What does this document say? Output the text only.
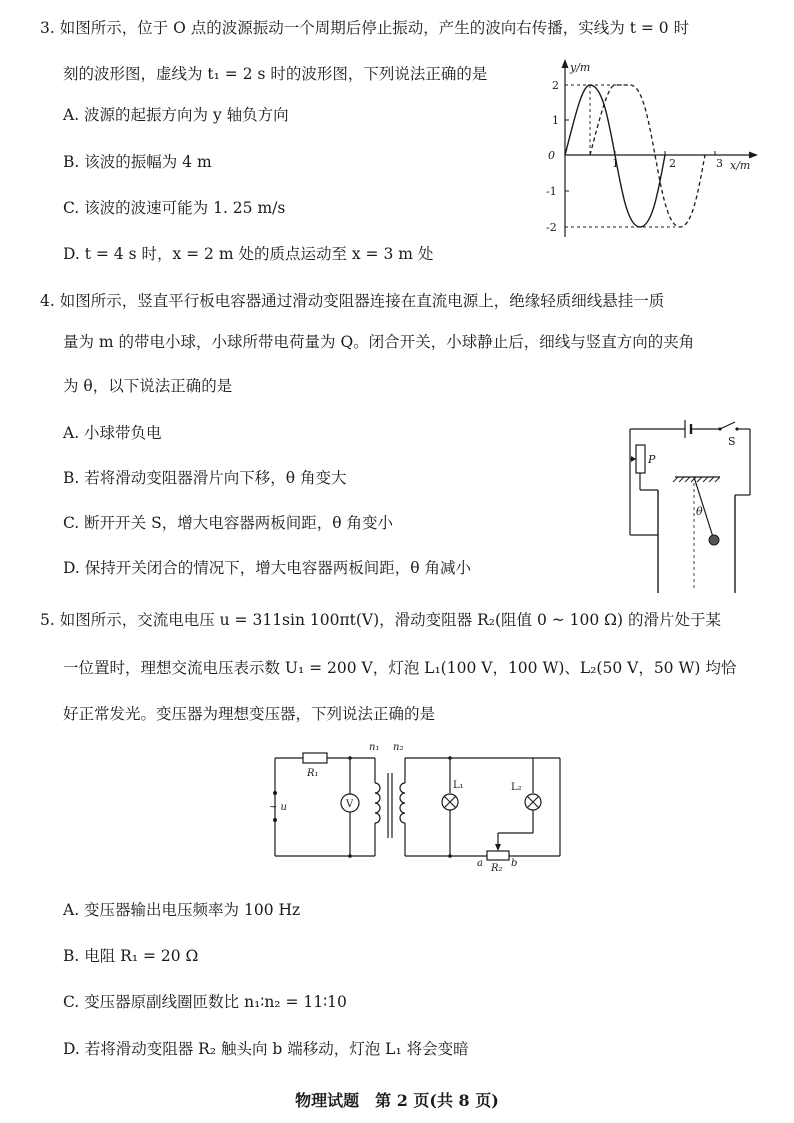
3. 如图所示，位于 O 点的波源振动一个周期后停止振动，产生的波向右传播，实线为 t = 0 时
刻的波形图，虚线为 t₁ = 2 s 时的波形图，下列说法正确的是
A. 波源的起振方向为 y 轴负方向
B. 该波的振幅为 4 m
C. 该波的波速可能为 1. 25 m/s
D. t = 4 s 时，x = 2 m 处的质点运动至 x = 3 m 处
y/m
x/m
0
2
1
-1
-2
1	2	3
4. 如图所示，竖直平行板电容器通过滑动变阻器连接在直流电源上，绝缘轻质细线悬挂一质
量为 m 的带电小球，小球所带电荷量为 Q。闭合开关，小球静止后，细线与竖直方向的夹角
为 θ，以下说法正确的是
A. 小球带负电
B. 若将滑动变阻器滑片向下移，θ 角变大
C. 断开开关 S，增大电容器两板间距，θ 角变小
D. 保持开关闭合的情况下，增大电容器两板间距，θ 角减小
S
P
θ
5. 如图所示，交流电电压 u = 311sin 100πt(V)，滑动变阻器 R₂(阻值 0 ~ 100 Ω) 的滑片处于某
一位置时，理想交流电压表示数 U₁ = 200 V，灯泡 L₁(100 V，100 W)、L₂(50 V，50 W) 均恰
好正常发光。变压器为理想变压器，下列说法正确的是
R₁
~ u	V
n₁ n₂
L₁	L₂
a R₂ b
A. 变压器输出电压频率为 100 Hz
B. 电阻 R₁ = 20 Ω
C. 变压器原副线圈匝数比 n₁∶n₂ = 11∶10
D. 若将滑动变阻器 R₂ 触头向 b 端移动，灯泡 L₁ 将会变暗
物理试题　第 2 页(共 8 页)
